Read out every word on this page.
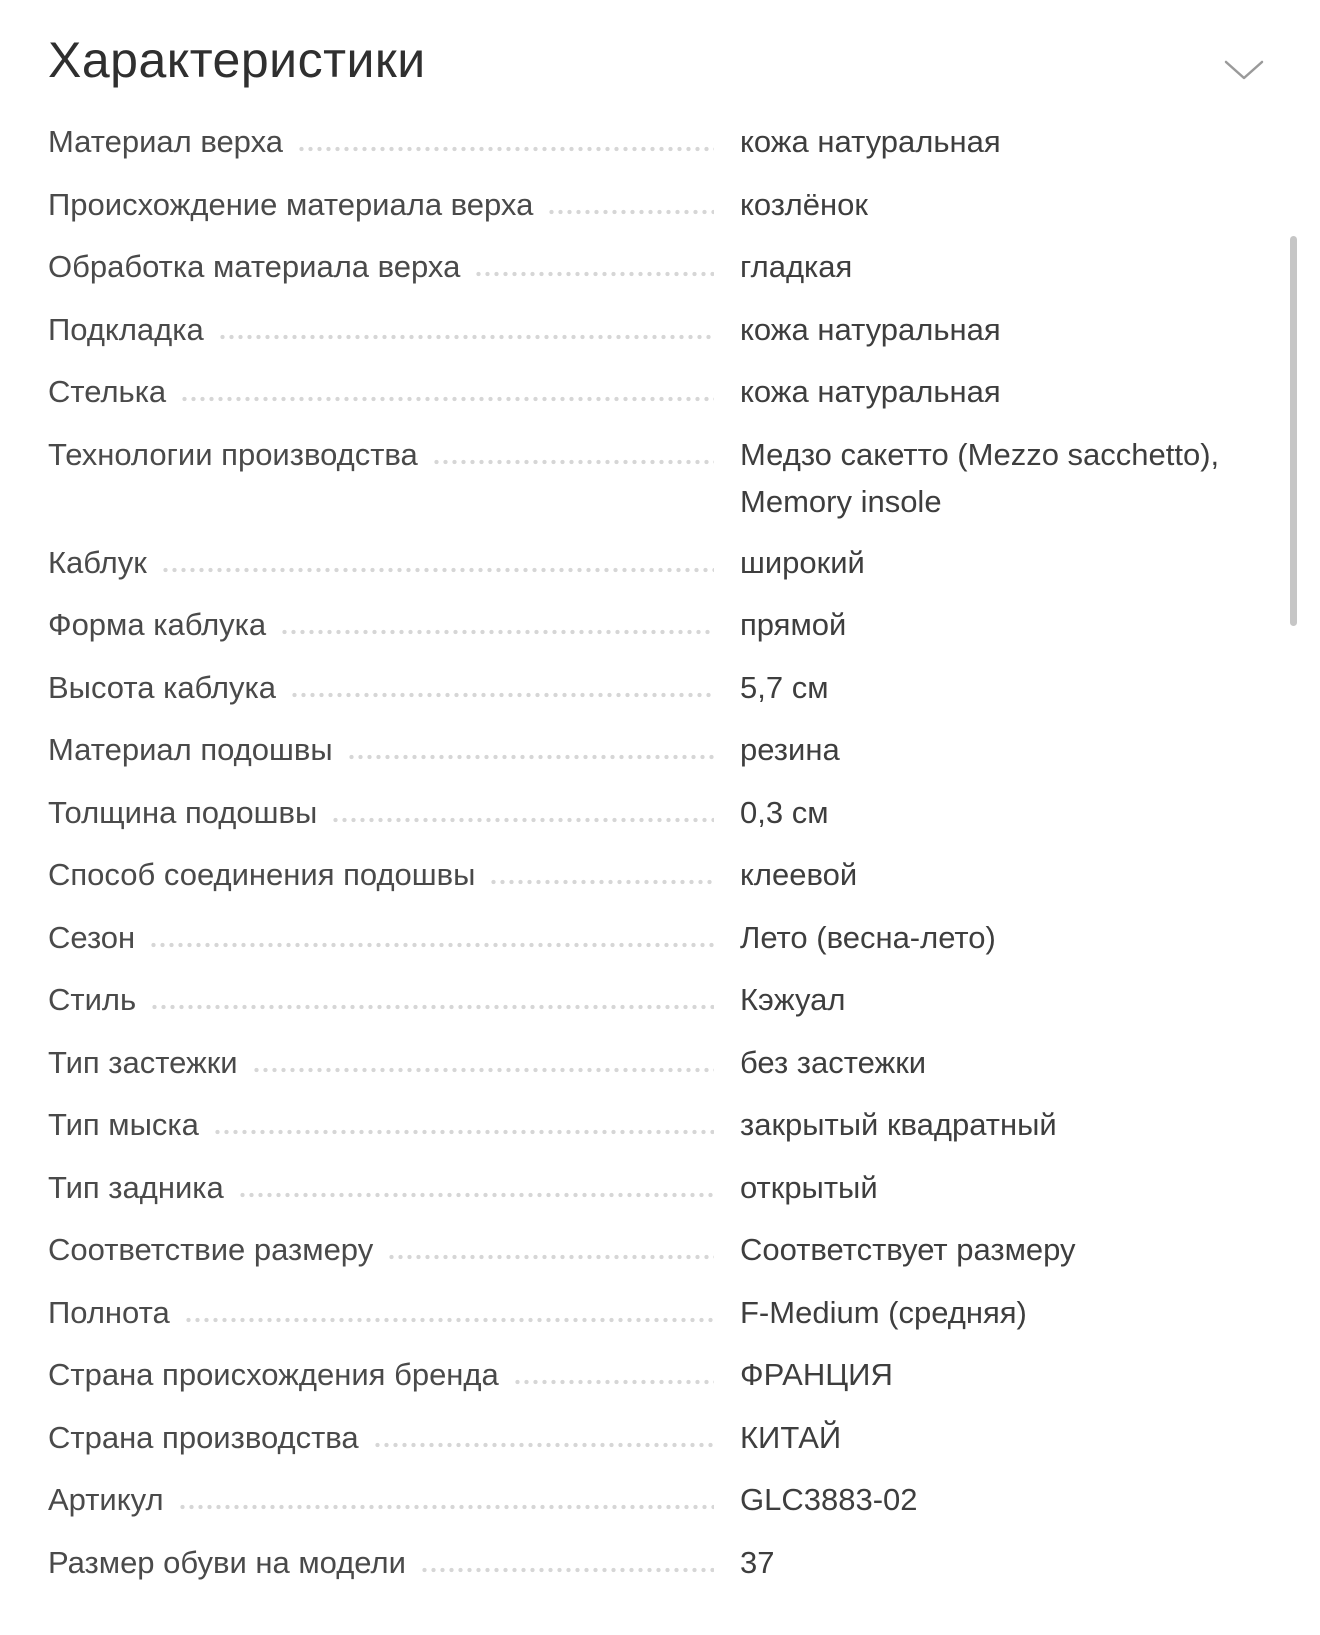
Характеристики
Материал верха	кожа натуральная
Происхождение материала верха	козлёнок
Обработка материала верха	гладкая
Подкладка	кожа натуральная
Стелька	кожа натуральная
Технологии производства	Медзо сакетто (Mezzo sacchetto), Memory insole
Каблук	широкий
Форма каблука	прямой
Высота каблука	5,7 см
Материал подошвы	резина
Толщина подошвы	0,3 см
Способ соединения подошвы	клеевой
Сезон	Лето (весна-лето)
Стиль	Кэжуал
Тип застежки	без застежки
Тип мыска	закрытый квадратный
Тип задника	открытый
Соответствие размеру	Соответствует размеру
Полнота	F-Medium (средняя)
Страна происхождения бренда	ФРАНЦИЯ
Страна производства	КИТАЙ
Артикул	GLC3883-02
Размер обуви на модели	37
